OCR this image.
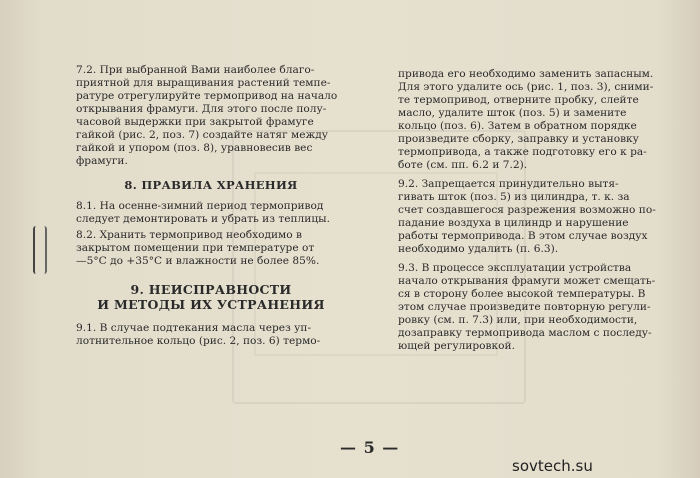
7.2. При выбранной Вами наиболее благо-
приятной для выращивания растений темпе-
ратуре отрегулируйте термопривод на начало
открывания фрамуги. Для этого после полу-
часовой выдержки при закрытой фрамуге
гайкой (рис. 2, поз. 7) создайте натяг между
гайкой и упором (поз. 8), уравновесив вес
фрамуги.

8. ПРАВИЛА ХРАНЕНИЯ

8.1. На осенне-зимний период термопривод
следует демонтировать и убрать из теплицы.

8.2. Хранить термопривод необходимо в
закрытом помещении при температуре от
—5°С до +35°С и влажности не более 85%.

9. НЕИСПРАВНОСТИ
И МЕТОДЫ ИХ УСТРАНЕНИЯ

9.1. В случае подтекания масла через уп-
лотнительное кольцо (рис. 2, поз. 6) термо-

привода его необходимо заменить запасным.
Для этого удалите ось (рис. 1, поз. 3), сними-
те термопривод, отверните пробку, слейте
масло, удалите шток (поз. 5) и замените
кольцо (поз. 6). Затем в обратном порядке
произведите сборку, заправку и установку
термопривода, а также подготовку его к ра-
боте (см. пп. 6.2 и 7.2).

9.2. Запрещается принудительно вытя-
гивать шток (поз. 5) из цилиндра, т. к. за
счет создавшегося разрежения возможно по-
падание воздуха в цилиндр и нарушение
работы термопривода. В этом случае воздух
необходимо удалить (п. 6.3).

9.3. В процессе эксплуатации устройства
начало открывания фрамуги может смещать-
ся в сторону более высокой температуры. В
этом случае произведите повторную регули-
ровку (см. п. 7.3) или, при необходимости,
дозаправку термопривода маслом с последу-
ющей регулировкой.

— 5 —
sovtech.su
